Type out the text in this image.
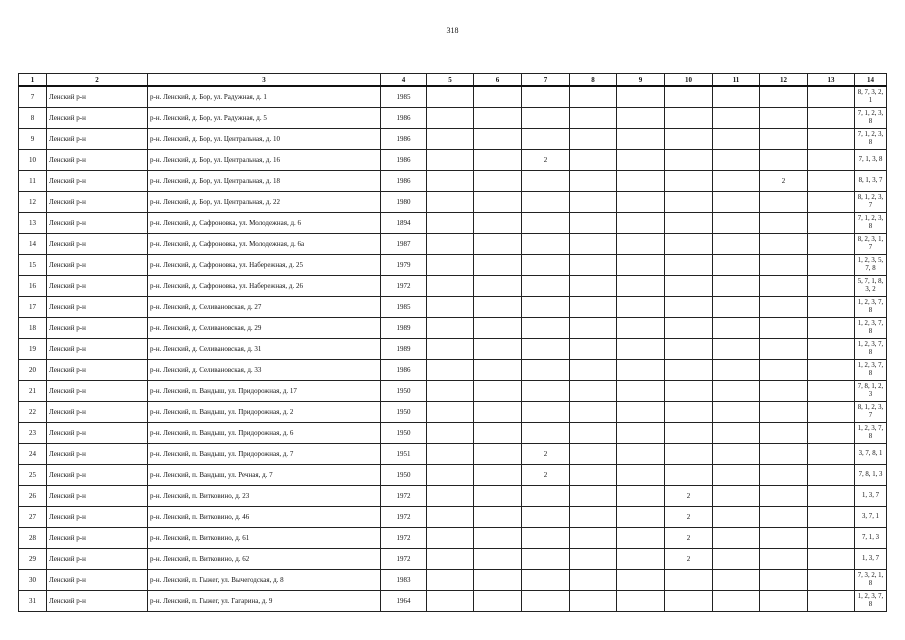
318
1	2	3	4	5	6	7	8	9	10	11	12	13	14
7	Ленский р-н	р-н. Ленский, д. Бор, ул. Радужная, д. 1	1985										8, 7, 3, 2, 1
8	Ленский р-н	р-н. Ленский, д. Бор, ул. Радужная, д. 5	1986										7, 1, 2, 3, 8
9	Ленский р-н	р-н. Ленский, д. Бор, ул. Центральная, д. 10	1986										7, 1, 2, 3, 8
10	Ленский р-н	р-н. Ленский, д. Бор, ул. Центральная, д. 16	1986			2							7, 1, 3, 8
11	Ленский р-н	р-н. Ленский, д. Бор, ул. Центральная, д. 18	1986								2		8, 1, 3, 7
12	Ленский р-н	р-н. Ленский, д. Бор, ул. Центральная, д. 22	1980										8, 1, 2, 3, 7
13	Ленский р-н	р-н. Ленский, д. Сафроновка, ул. Молодежная, д. 6	1894										7, 1, 2, 3, 8
14	Ленский р-н	р-н. Ленский, д. Сафроновка, ул. Молодежная, д. 6а	1987										8, 2, 3, 1, 7
15	Ленский р-н	р-н. Ленский, д. Сафроновка, ул. Набережная, д. 25	1979										1, 2, 3, 5, 7, 8
16	Ленский р-н	р-н. Ленский, д. Сафроновка, ул. Набережная, д. 26	1972										5, 7, 1, 8, 3, 2
17	Ленский р-н	р-н. Ленский, д. Селивановская, д. 27	1985										1, 2, 3, 7, 8
18	Ленский р-н	р-н. Ленский, д. Селивановская, д. 29	1989										1, 2, 3, 7, 8
19	Ленский р-н	р-н. Ленский, д. Селивановская, д. 31	1989										1, 2, 3, 7, 8
20	Ленский р-н	р-н. Ленский, д. Селивановская, д. 33	1986										1, 2, 3, 7, 8
21	Ленский р-н	р-н. Ленский, п. Вандыш, ул. Придорожная, д. 17	1950										7, 8, 1, 2, 3
22	Ленский р-н	р-н. Ленский, п. Вандыш, ул. Придорожная, д. 2	1950										8, 1, 2, 3, 7
23	Ленский р-н	р-н. Ленский, п. Вандыш, ул. Придорожная, д. 6	1950										1, 2, 3, 7, 8
24	Ленский р-н	р-н. Ленский, п. Вандыш, ул. Придорожная, д. 7	1951			2							3, 7, 8, 1
25	Ленский р-н	р-н. Ленский, п. Вандыш, ул. Речная, д. 7	1950			2							7, 8, 1, 3
26	Ленский р-н	р-н. Ленский, п. Витковино, д. 23	1972						2				1, 3, 7
27	Ленский р-н	р-н. Ленский, п. Витковино, д. 46	1972						2				3, 7, 1
28	Ленский р-н	р-н. Ленский, п. Витковино, д. 61	1972						2				7, 1, 3
29	Ленский р-н	р-н. Ленский, п. Витковино, д. 62	1972						2				1, 3, 7
30	Ленский р-н	р-н. Ленский, п. Гыжег, ул. Вычегодская, д. 8	1983										7, 3, 2, 1, 8
31	Ленский р-н	р-н. Ленский, п. Гыжег, ул. Гагарина, д. 9	1964										1, 2, 3, 7, 8
